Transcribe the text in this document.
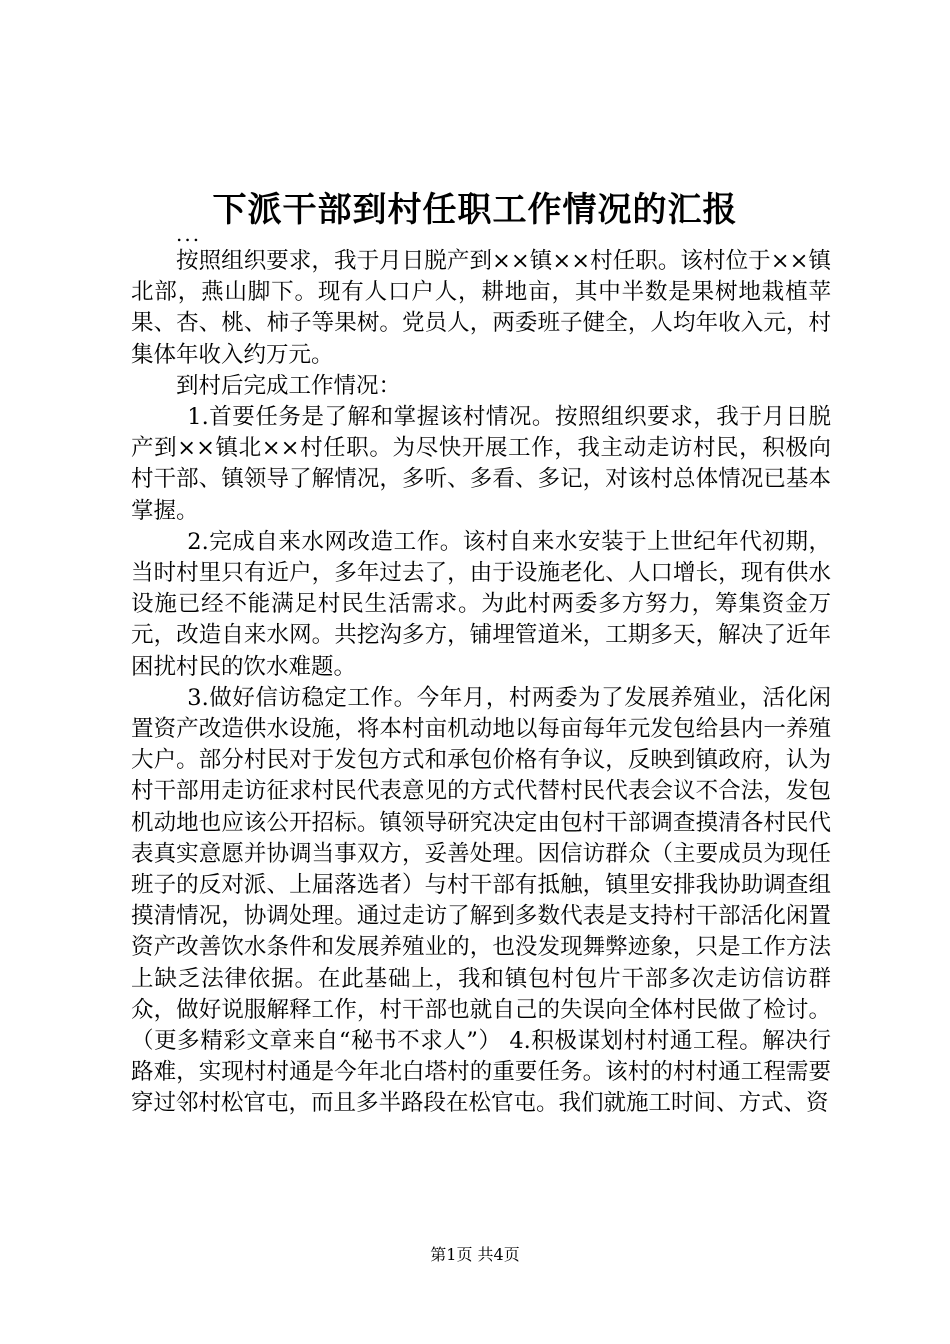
下派干部到村任职工作情况的汇报
...

按照组织要求，我于月日脱产到××镇××村任职。该村位于××镇北部，燕山脚下。现有人口户人，耕地亩，其中半数是果树地栽植苹果、杏、桃、柿子等果树。党员人，两委班子健全，人均年收入元，村集体年收入约万元。

到村后完成工作情况：

1.首要任务是了解和掌握该村情况。按照组织要求，我于月日脱产到××镇北××村任职。为尽快开展工作，我主动走访村民，积极向村干部、镇领导了解情况，多听、多看、多记，对该村总体情况已基本掌握。

2.完成自来水网改造工作。该村自来水安装于上世纪年代初期，当时村里只有近户，多年过去了，由于设施老化、人口增长，现有供水设施已经不能满足村民生活需求。为此村两委多方努力，筹集资金万元，改造自来水网。共挖沟多方，铺埋管道米，工期多天，解决了近年困扰村民的饮水难题。

3.做好信访稳定工作。今年月，村两委为了发展养殖业，活化闲置资产改造供水设施，将本村亩机动地以每亩每年元发包给县内一养殖大户。部分村民对于发包方式和承包价格有争议，反映到镇政府，认为村干部用走访征求村民代表意见的方式代替村民代表会议不合法，发包机动地也应该公开招标。镇领导研究决定由包村干部调查摸清各村民代表真实意愿并协调当事双方，妥善处理。因信访群众（主要成员为现任班子的反对派、上届落选者）与村干部有抵触，镇里安排我协助调查组摸清情况，协调处理。通过走访了解到多数代表是支持村干部活化闲置资产改善饮水条件和发展养殖业的，也没发现舞弊迹象，只是工作方法上缺乏法律依据。在此基础上，我和镇包村包片干部多次走访信访群众，做好说服解释工作，村干部也就自己的失误向全体村民做了检讨。（更多精彩文章来自“秘书不求人”） 4.积极谋划村村通工程。解决行路难，实现村村通是今年北白塔村的重要任务。该村的村村通工程需要穿过邻村松官屯，而且多半路段在松官屯。我们就施工时间、方式、资

第1页 共4页
